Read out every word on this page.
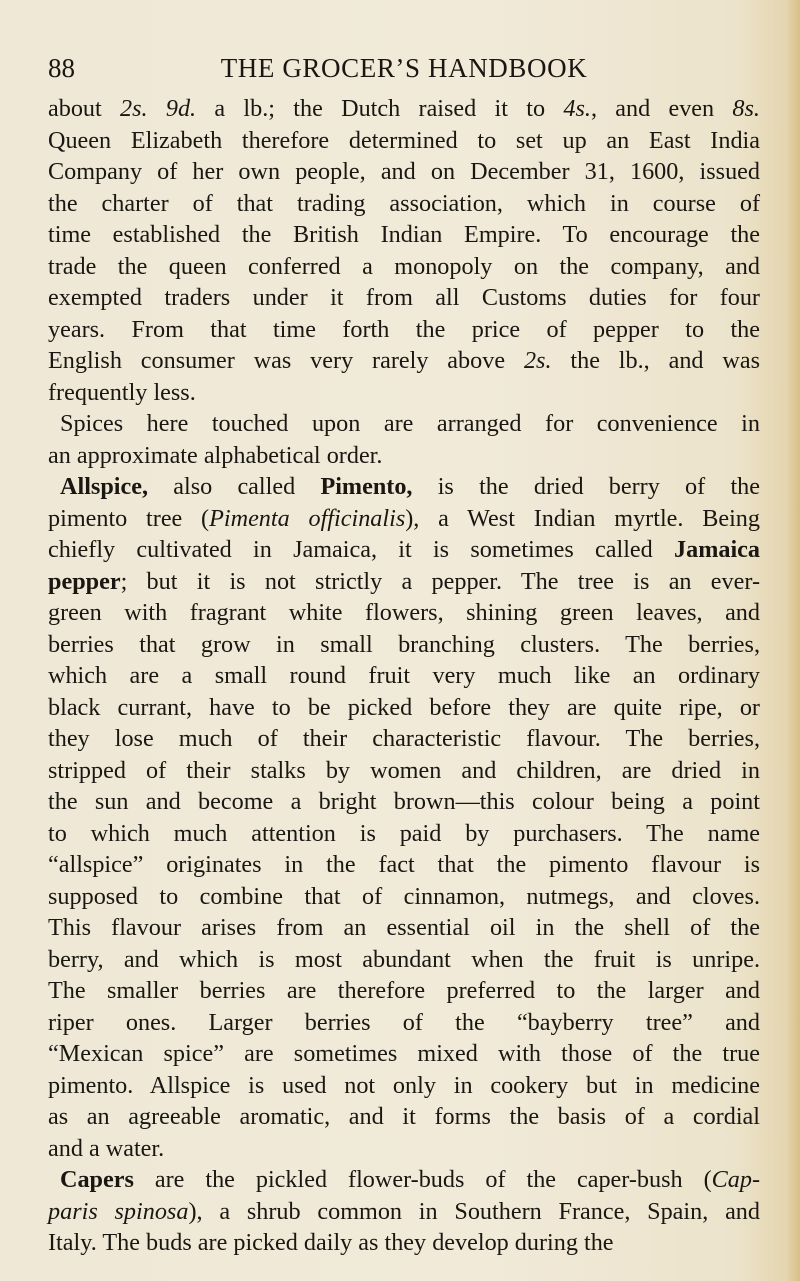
88	THE GROCER’S HANDBOOK
about 2s. 9d. a lb.; the Dutch raised it to 4s., and even 8s.
Queen Elizabeth therefore determined to set up an East India
Company of her own people, and on December 31, 1600, issued
the charter of that trading association, which in course of
time established the British Indian Empire. To encourage the
trade the queen conferred a monopoly on the company, and
exempted traders under it from all Customs duties for four
years. From that time forth the price of pepper to the
English consumer was very rarely above 2s. the lb., and was
frequently less.
Spices here touched upon are arranged for convenience in
an approximate alphabetical order.
Allspice, also called Pimento, is the dried berry of the
pimento tree (Pimenta officinalis), a West Indian myrtle. Being
chiefly cultivated in Jamaica, it is sometimes called Jamaica
pepper; but it is not strictly a pepper. The tree is an ever-
green with fragrant white flowers, shining green leaves, and
berries that grow in small branching clusters. The berries,
which are a small round fruit very much like an ordinary
black currant, have to be picked before they are quite ripe, or
they lose much of their characteristic flavour. The berries,
stripped of their stalks by women and children, are dried in
the sun and become a bright brown—this colour being a point
to which much attention is paid by purchasers. The name
“allspice” originates in the fact that the pimento flavour is
supposed to combine that of cinnamon, nutmegs, and cloves.
This flavour arises from an essential oil in the shell of the
berry, and which is most abundant when the fruit is unripe.
The smaller berries are therefore preferred to the larger and
riper ones. Larger berries of the “bayberry tree” and
“Mexican spice” are sometimes mixed with those of the true
pimento. Allspice is used not only in cookery but in medicine
as an agreeable aromatic, and it forms the basis of a cordial
and a water.
Capers are the pickled flower-buds of the caper-bush (Cap-
paris spinosa), a shrub common in Southern France, Spain, and
Italy. The buds are picked daily as they develop during the
